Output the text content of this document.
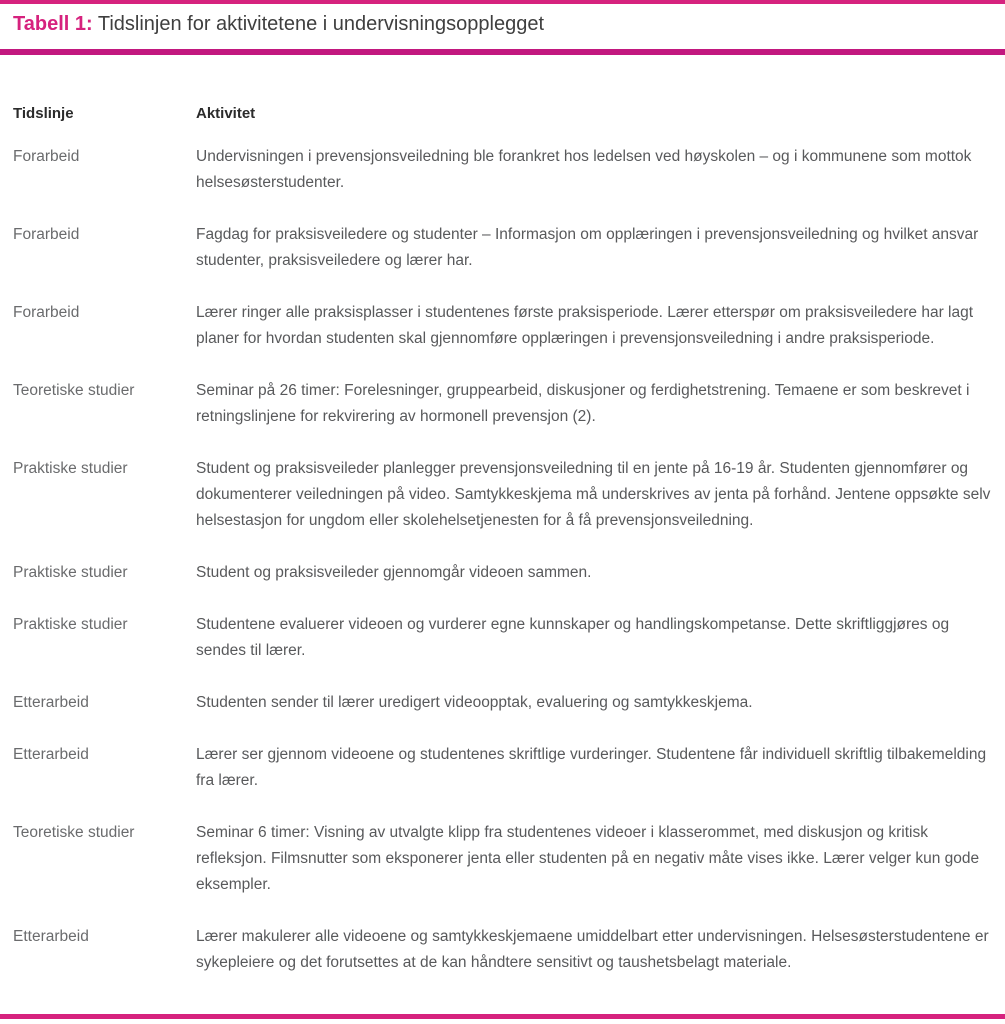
Tabell 1: Tidslinjen for aktivitetene i undervisningsopplegget
Tidslinje	Aktivitet
Forarbeid	Undervisningen i prevensjonsveiledning ble forankret hos ledelsen ved høyskolen – og i kommunene som mottok helsesøsterstudenter.
Forarbeid	Fagdag for praksisveiledere og studenter – Informasjon om opplæringen i prevensjonsveiledning og hvilket ansvar studenter, praksisveiledere og lærer har.
Forarbeid	Lærer ringer alle praksisplasser i studentenes første praksisperiode. Lærer etterspør om praksisveiledere har lagt planer for hvordan studenten skal gjennomføre opplæringen i prevensjonsveiledning i andre praksisperiode.
Teoretiske studier	Seminar på 26 timer: Forelesninger, gruppearbeid, diskusjoner og ferdighetstrening. Temaene er som beskrevet i retningslinjene for rekvirering av hormonell prevensjon (2).
Praktiske studier	Student og praksisveileder planlegger prevensjonsveiledning til en jente på 16-19 år. Studenten gjennomfører og dokumenterer veiledningen på video. Samtykkeskjema må underskrives av jenta på forhånd. Jentene oppsøkte selv helsestasjon for ungdom eller skolehelsetjenesten for å få prevensjonsveiledning.
Praktiske studier	Student og praksisveileder gjennomgår videoen sammen.
Praktiske studier	Studentene evaluerer videoen og vurderer egne kunnskaper og handlingskompetanse. Dette skriftliggjøres og sendes til lærer.
Etterarbeid	Studenten sender til lærer uredigert videoopptak, evaluering og samtykkeskjema.
Etterarbeid	Lærer ser gjennom videoene og studentenes skriftlige vurderinger. Studentene får individuell skriftlig tilbakemelding fra lærer.
Teoretiske studier	Seminar 6 timer: Visning av utvalgte klipp fra studentenes videoer i klasserommet, med diskusjon og kritisk refleksjon. Filmsnutter som eksponerer jenta eller studenten på en negativ måte vises ikke. Lærer velger kun gode eksempler.
Etterarbeid	Lærer makulerer alle videoene og samtykkeskjemaene umiddelbart etter undervisningen. Helsesøsterstudentene er sykepleiere og det forutsettes at de kan håndtere sensitivt og taushetsbelagt materiale.
